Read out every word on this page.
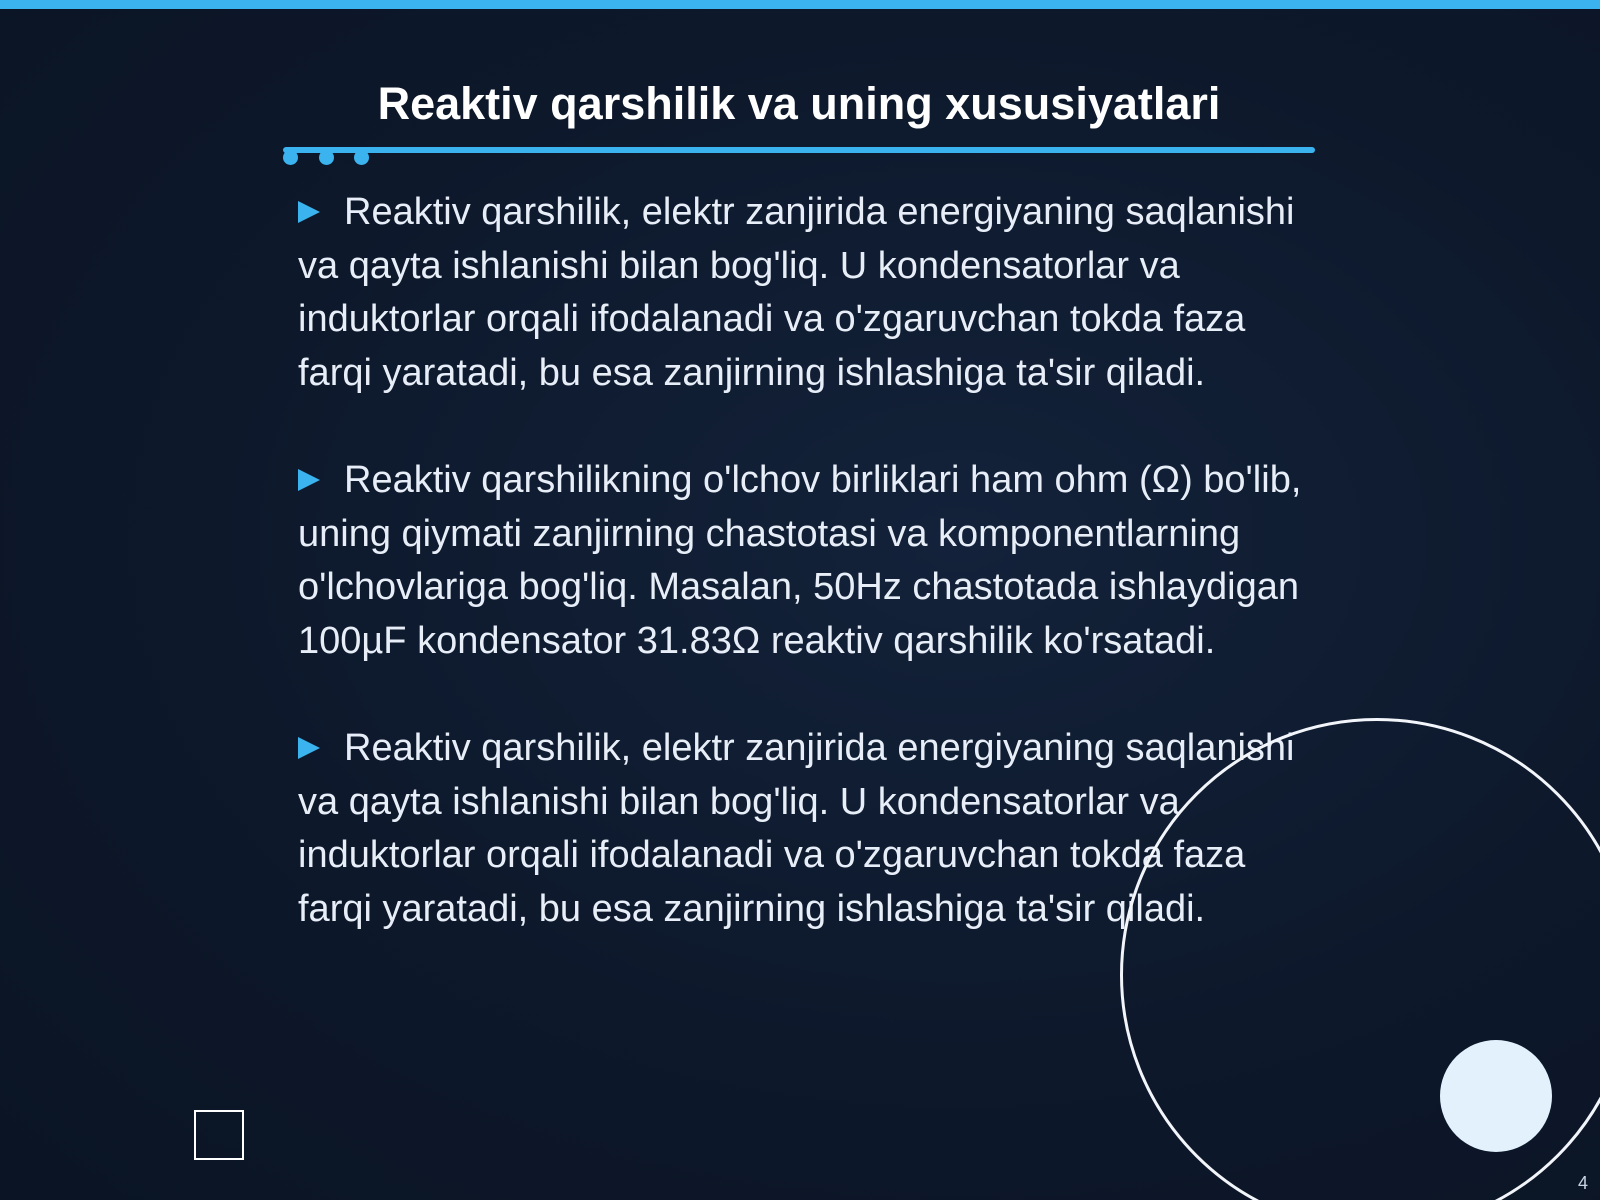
Reaktiv qarshilik va uning xususiyatlari

Reaktiv qarshilik, elektr zanjirida energiyaning saqlanishi va qayta ishlanishi bilan bog'liq. U kondensatorlar va induktorlar orqali ifodalanadi va o'zgaruvchan tokda faza farqi yaratadi, bu esa zanjirning ishlashiga ta'sir qiladi.

Reaktiv qarshilikning o'lchov birliklari ham ohm (Ω) bo'lib, uning qiymati zanjirning chastotasi va komponentlarning o'lchovlariga bog'liq. Masalan, 50Hz chastotada ishlaydigan 100µF kondensator 31.83Ω reaktiv qarshilik ko'rsatadi.

Reaktiv qarshilik, elektr zanjirida energiyaning saqlanishi va qayta ishlanishi bilan bog'liq. U kondensatorlar va induktorlar orqali ifodalanadi va o'zgaruvchan tokda faza farqi yaratadi, bu esa zanjirning ishlashiga ta'sir qiladi.

4
